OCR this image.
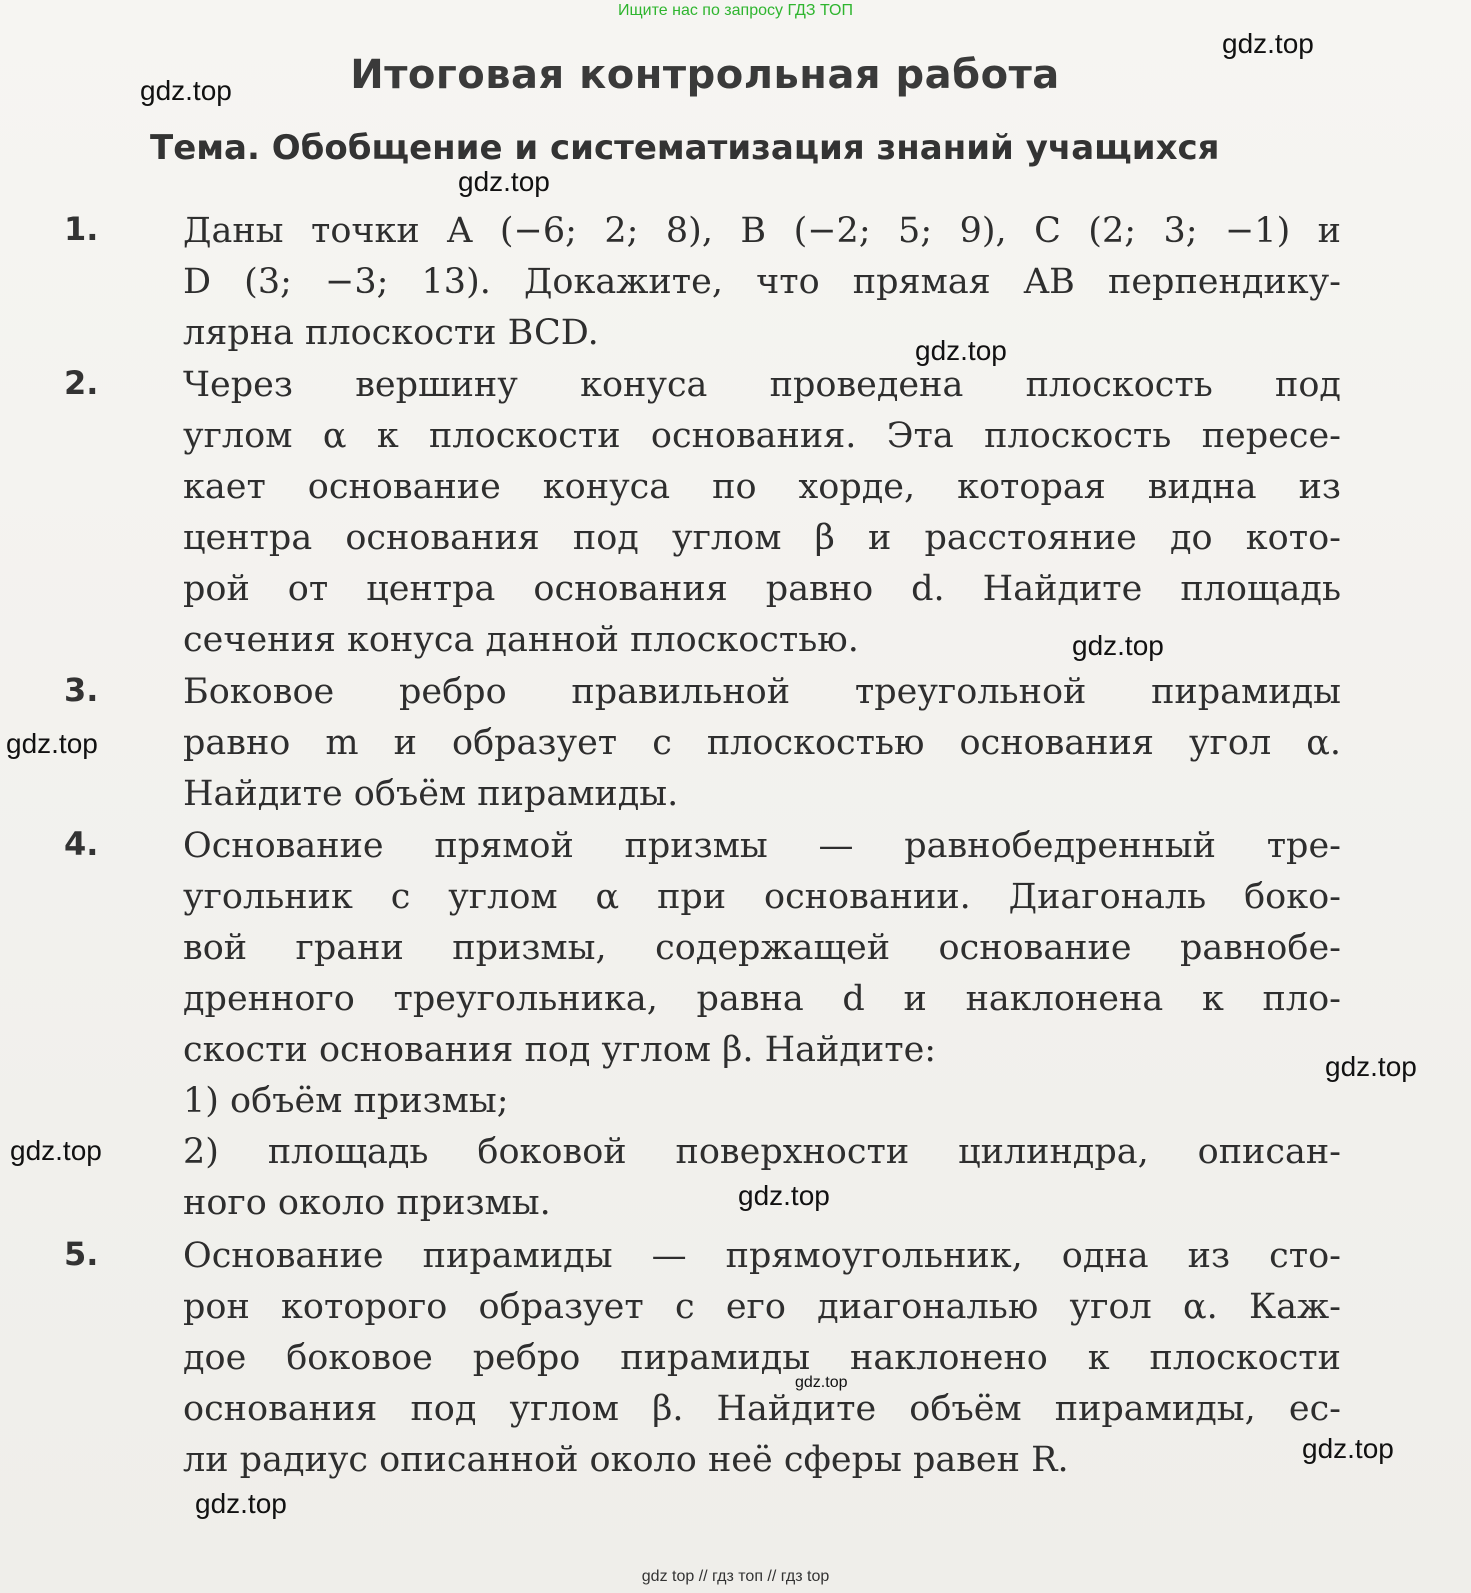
Ищите нас по запросу ГДЗ ТОП
Итоговая контрольная работа
Тема. Обобщение и систематизация знаний учащихся
1. Даны точки A (−6; 2; 8), B (−2; 5; 9), C (2; 3; −1) и
D (3; −3; 13). Докажите, что прямая AB перпендику-
лярна плоскости BCD.
2. Через вершину конуса проведена плоскость под
углом α к плоскости основания. Эта плоскость пересе-
кает основание конуса по хорде, которая видна из
центра основания под углом β и расстояние до кото-
рой от центра основания равно d. Найдите площадь
сечения конуса данной плоскостью.
3. Боковое ребро правильной треугольной пирамиды
равно m и образует с плоскостью основания угол α.
Найдите объём пирамиды.
4. Основание прямой призмы — равнобедренный тре-
угольник с углом α при основании. Диагональ боко-
вой грани призмы, содержащей основание равнобе-
дренного треугольника, равна d и наклонена к пло-
скости основания под углом β. Найдите:
1) объём призмы;
2) площадь боковой поверхности цилиндра, описан-
ного около призмы.
5. Основание пирамиды — прямоугольник, одна из сто-
рон которого образует с его диагональю угол α. Каж-
дое боковое ребро пирамиды наклонено к плоскости
основания под углом β. Найдите объём пирамиды, ес-
ли радиус описанной около неё сферы равен R.
gdz.top
gdz.top
gdz.top
gdz.top
gdz.top
gdz.top
gdz.top
gdz.top
gdz.top
gdz.top
gdz.top
gdz.top
gdz top // гдз топ // гдз top
